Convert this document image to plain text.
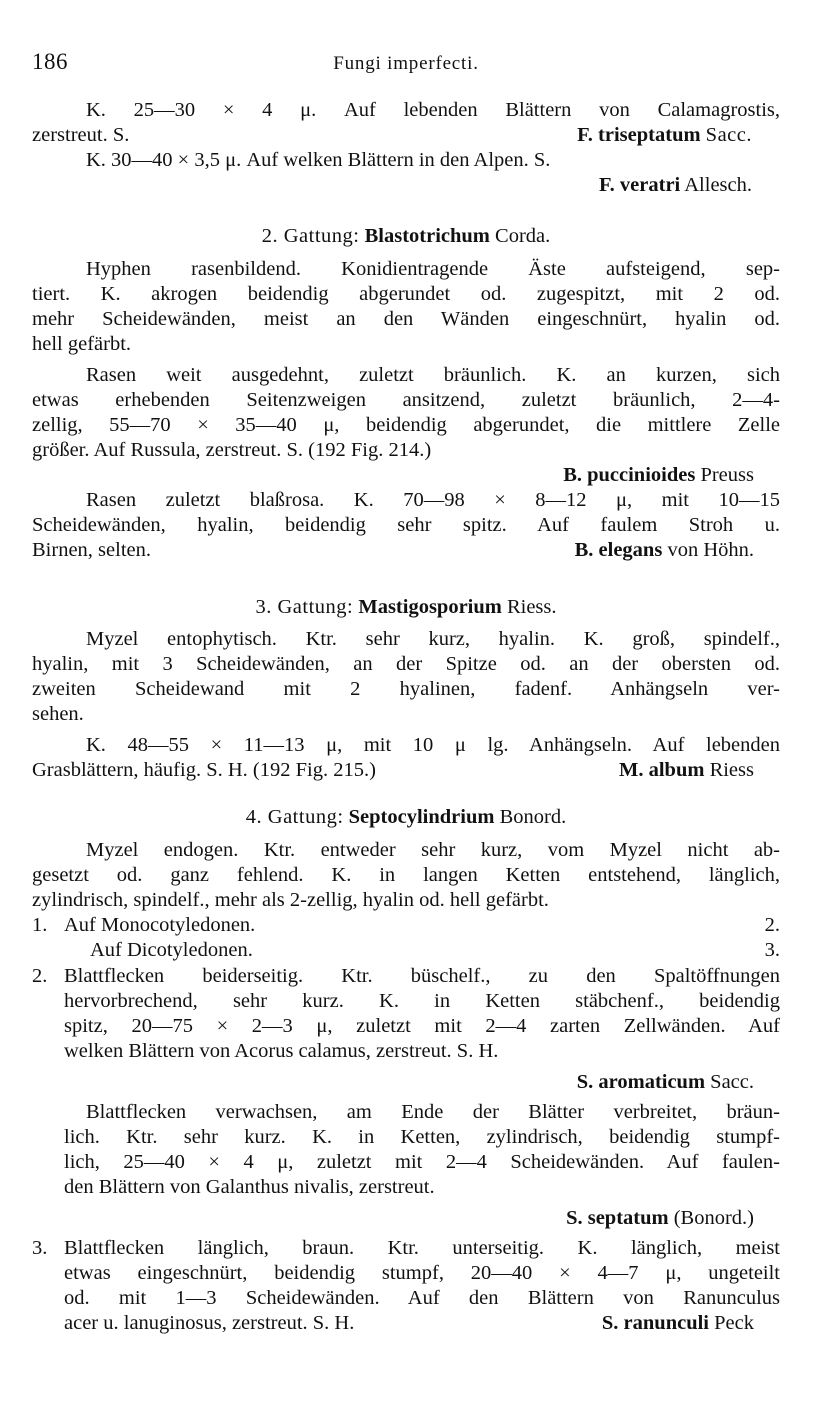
186	Fungi imperfecti.
K. 25—30 × 4 μ. Auf lebenden Blättern von Calamagrostis,
zerstreut. S.	F. triseptatum Sacc.
K. 30—40 × 3,5 μ. Auf welken Blättern in den Alpen. S.
F. veratri Allesch.
2. Gattung: Blastotrichum Corda.
Hyphen rasenbildend. Konidientragende Äste aufsteigend, sep-
tiert. K. akrogen beidendig abgerundet od. zugespitzt, mit 2 od.
mehr Scheidewänden, meist an den Wänden eingeschnürt, hyalin od.
hell gefärbt.
Rasen weit ausgedehnt, zuletzt bräunlich. K. an kurzen, sich
etwas erhebenden Seitenzweigen ansitzend, zuletzt bräunlich, 2—4-
zellig, 55—70 × 35—40 μ, beidendig abgerundet, die mittlere Zelle
größer. Auf Russula, zerstreut. S. (192 Fig. 214.)
B. puccinioides Preuss
Rasen zuletzt blaßrosa. K. 70—98 × 8—12 μ, mit 10—15
Scheidewänden, hyalin, beidendig sehr spitz. Auf faulem Stroh u.
Birnen, selten.	B. elegans von Höhn.
3. Gattung: Mastigosporium Riess.
Myzel entophytisch. Ktr. sehr kurz, hyalin. K. groß, spindelf.,
hyalin, mit 3 Scheidewänden, an der Spitze od. an der obersten od.
zweiten Scheidewand mit 2 hyalinen, fadenf. Anhängseln ver-
sehen.
K. 48—55 × 11—13 μ, mit 10 μ lg. Anhängseln. Auf lebenden
Grasblättern, häufig. S. H. (192 Fig. 215.)	M. album Riess
4. Gattung: Septocylindrium Bonord.
Myzel endogen. Ktr. entweder sehr kurz, vom Myzel nicht ab-
gesetzt od. ganz fehlend. K. in langen Ketten entstehend, länglich,
zylindrisch, spindelf., mehr als 2-zellig, hyalin od. hell gefärbt.
1. Auf Monocotyledonen.	2.
Auf Dicotyledonen.	3.
2. Blattflecken beiderseitig. Ktr. büschelf., zu den Spaltöffnungen
hervorbrechend, sehr kurz. K. in Ketten stäbchenf., beidendig
spitz, 20—75 × 2—3 μ, zuletzt mit 2—4 zarten Zellwänden. Auf
welken Blättern von Acorus calamus, zerstreut. S. H.
S. aromaticum Sacc.
Blattflecken verwachsen, am Ende der Blätter verbreitet, bräun-
lich. Ktr. sehr kurz. K. in Ketten, zylindrisch, beidendig stumpf-
lich, 25—40 × 4 μ, zuletzt mit 2—4 Scheidewänden. Auf faulen-
den Blättern von Galanthus nivalis, zerstreut.
S. septatum (Bonord.)
3. Blattflecken länglich, braun. Ktr. unterseitig. K. länglich, meist
etwas eingeschnürt, beidendig stumpf, 20—40 × 4—7 μ, ungeteilt
od. mit 1—3 Scheidewänden. Auf den Blättern von Ranunculus
acer u. lanuginosus, zerstreut. S. H.	S. ranunculi Peck
